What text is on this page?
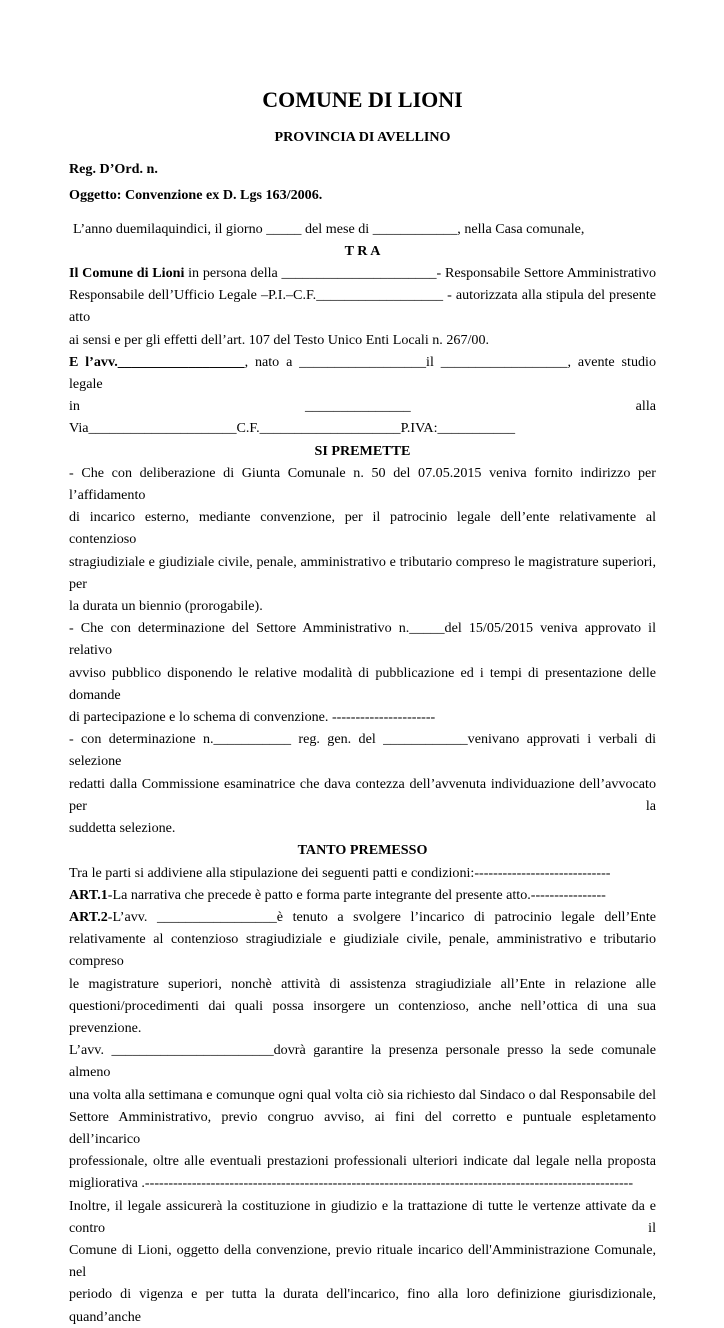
COMUNE DI LIONI
PROVINCIA DI AVELLINO

Reg. D’Ord. n.

Oggetto: Convenzione ex D. Lgs 163/2006.

L’anno duemilaquindici, il giorno _____ del mese di ____________, nella Casa comunale,

T R A

Il Comune di Lioni in persona della ______________________- Responsabile Settore Amministrativo

Responsabile dell’Ufficio Legale –P.I.–C.F.__________________ - autorizzata alla stipula del presente atto

ai sensi e per gli effetti dell’art. 107 del Testo Unico Enti Locali n. 267/00.

E l’avv.__________________, nato a __________________il __________________, avente studio legale

in _______________ alla Via_____________________C.F.____________________P.IVA:___________

SI PREMETTE

- Che con deliberazione di Giunta Comunale n. 50 del 07.05.2015 veniva fornito indirizzo per l’affidamento

di incarico esterno, mediante convenzione, per il patrocinio legale dell’ente relativamente al contenzioso

stragiudiziale e giudiziale civile, penale, amministrativo e tributario compreso le magistrature superiori, per

la durata un biennio (prorogabile).

- Che con determinazione del Settore Amministrativo n._____del 15/05/2015 veniva approvato il relativo

avviso pubblico disponendo le relative modalità di pubblicazione ed i tempi di presentazione delle domande

di partecipazione e lo schema di convenzione. ----------------------

- con determinazione n.___________ reg. gen. del ____________venivano approvati i verbali di selezione

redatti dalla Commissione esaminatrice che dava contezza dell’avvenuta individuazione dell’avvocato per la

suddetta selezione.

TANTO PREMESSO

Tra le parti si addiviene alla stipulazione dei seguenti patti e condizioni:-----------------------------

ART.1-La narrativa che precede è patto e forma parte integrante del presente atto.----------------

ART.2-L’avv. _________________è tenuto a svolgere l’incarico di patrocinio legale dell’Ente

relativamente al contenzioso stragiudiziale e giudiziale civile, penale, amministrativo e tributario compreso

le magistrature superiori, nonchè attività di assistenza stragiudiziale all’Ente in relazione alle

questioni/procedimenti dai quali possa insorgere un contenzioso, anche nell’ottica di una sua prevenzione.

L’avv. _______________________dovrà garantire la presenza personale presso la sede comunale almeno

una volta alla settimana e comunque ogni qual volta ciò sia richiesto dal Sindaco o dal Responsabile del

Settore Amministrativo, previo congruo avviso, ai fini del corretto e puntuale espletamento dell’incarico

professionale, oltre alle eventuali prestazioni professionali ulteriori indicate dal legale nella proposta

migliorativa .--------------------------------------------------------------------------------------------------------

Inoltre, il legale assicurerà la costituzione in giudizio e la trattazione di tutte le vertenze attivate da e contro il

Comune di Lioni, oggetto della convenzione, previo rituale incarico dell'Amministrazione Comunale, nel

periodo di vigenza e per tutta la durata dell'incarico, fino alla loro definizione giurisdizionale, quand’anche
